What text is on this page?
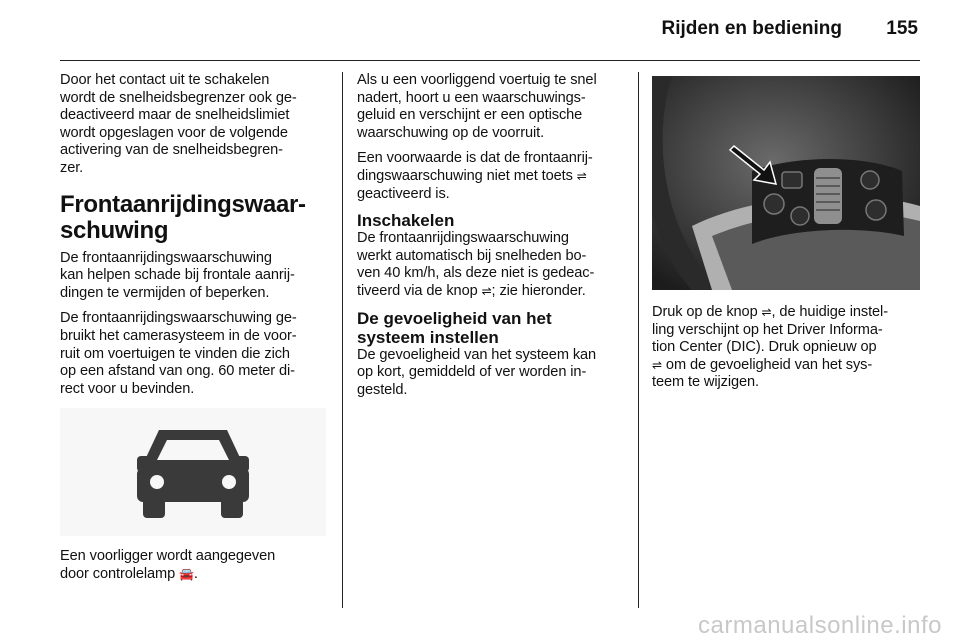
Rijden en bediening 155

Door het contact uit te schakelen
wordt de snelheidsbegrenzer ook ge-
deactiveerd maar de snelheidslimiet
wordt opgeslagen voor de volgende
activering van de snelheidsbegren-
zer.

Frontaanrijdingswaar-
schuwing

De frontaanrijdingswaarschuwing
kan helpen schade bij frontale aanrij-
dingen te vermijden of beperken.

De frontaanrijdingswaarschuwing ge-
bruikt het camerasysteem in de voor-
ruit om voertuigen te vinden die zich
op een afstand van ong. 60 meter di-
rect voor u bevinden.

Een voorligger wordt aangegeven
door controlelamp 🚘.

Als u een voorliggend voertuig te snel
nadert, hoort u een waarschuwings-
geluid en verschijnt er een optische
waarschuwing op de voorruit.

Een voorwaarde is dat de frontaanrij-
dingswaarschuwing niet met toets ⇌
geactiveerd is.

Inschakelen

De frontaanrijdingswaarschuwing
werkt automatisch bij snelheden bo-
ven 40 km/h, als deze niet is gedeac-
tiveerd via de knop ⇌; zie hieronder.

De gevoeligheid van het
systeem instellen

De gevoeligheid van het systeem kan
op kort, gemiddeld of ver worden in-
gesteld.

Druk op de knop ⇌, de huidige instel-
ling verschijnt op het Driver Informa-
tion Center (DIC). Druk opnieuw op
⇌ om de gevoeligheid van het sys-
teem te wijzigen.

carmanualsonline.info
